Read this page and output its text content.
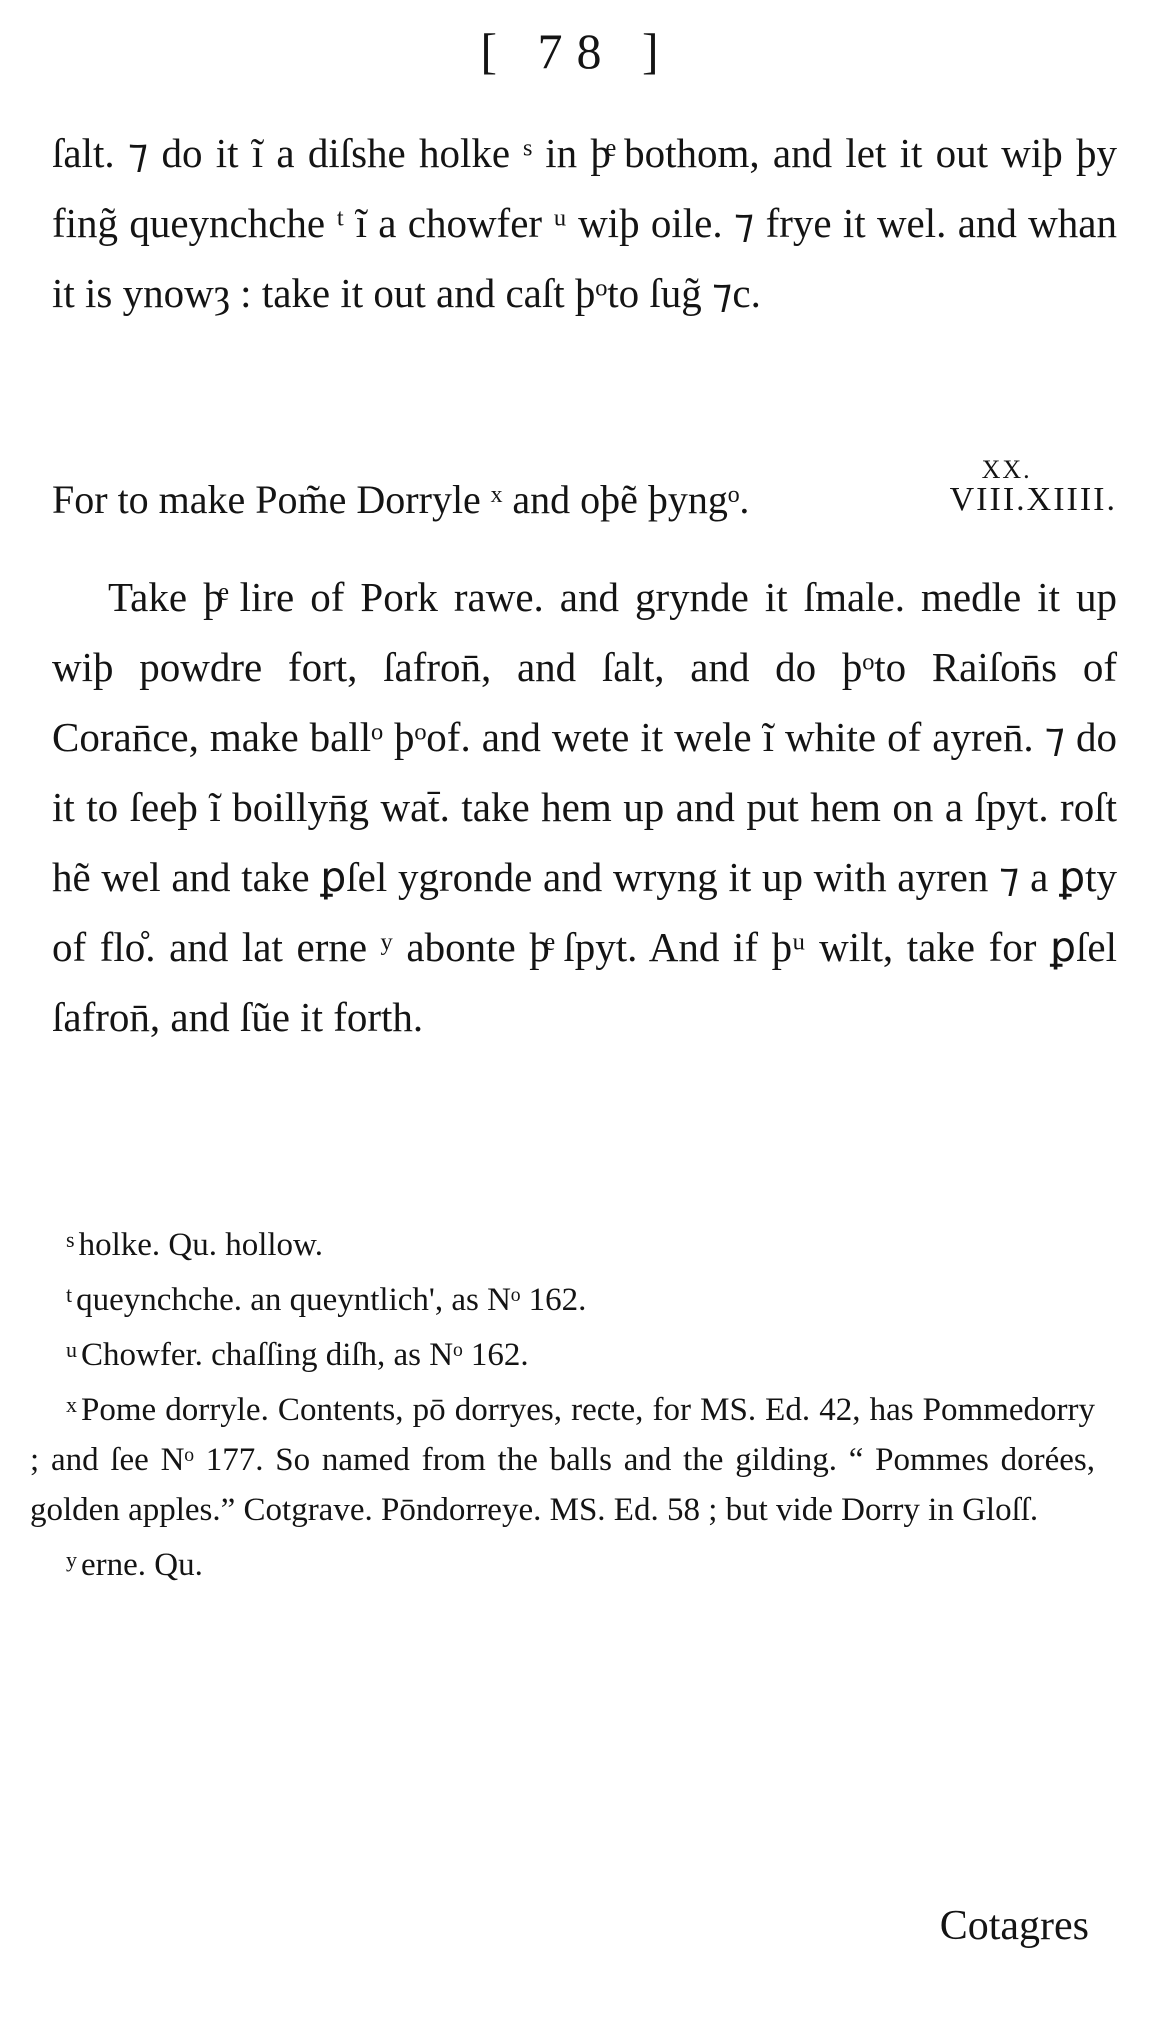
[ 78 ]
ſalt. ⁊ do it ĩ a diſshe holke ˢ in þͤ bothom, and let it out wiþ þy fing̃ queynchche ᵗ ĩ a chowfer ᵘ wiþ oile. ⁊ frye it wel. and whan it is ynowȝ : take it out and caſt þᵒto ſug̃ ⁊c.
For to make Pom̃e Dorryle ˣ and oþẽ þyngᵒ.
XX.
VIII.XIIII.
Take þͤ lire of Pork rawe. and grynde it ſmale. medle it up wiþ powdre fort, ſafron̄, and ſalt, and do þᵒto Raiſon̄s of Coran̄ce, make ballᵒ þᵒof. and wete it wele ĩ white of ayren̄. ⁊ do it to ſeeþ ĩ boillyn̄g wat̄. take hem up and put hem on a ſpyt. roſt hẽ wel and take ꝑſel ygronde and wryng it up with ayren ⁊ a ꝑty of flo̊. and lat erne ʸ abonte þͤ ſpyt. And if þᵘ wilt, take for ꝑſel ſafron̄, and ſũe it forth.

$^s$ holke. Qu. hollow.

$^t$ queynchche. an queyntlich', as Nᵒ 162.

$^u$ Chowfer. chaſſing diſh, as Nᵒ 162.

$^x$ Pome dorryle. Contents, pō dorryes, recte, for MS. Ed. 42, has Pommedorry ; and ſee Nᵒ 177. So named from the balls and the gilding. “ Pommes dorées, golden apples.” Cotgrave. Pōndorreye. MS. Ed. 58 ; but vide Dorry in Gloſſ.

$^y$ erne. Qu.

Cotagres
